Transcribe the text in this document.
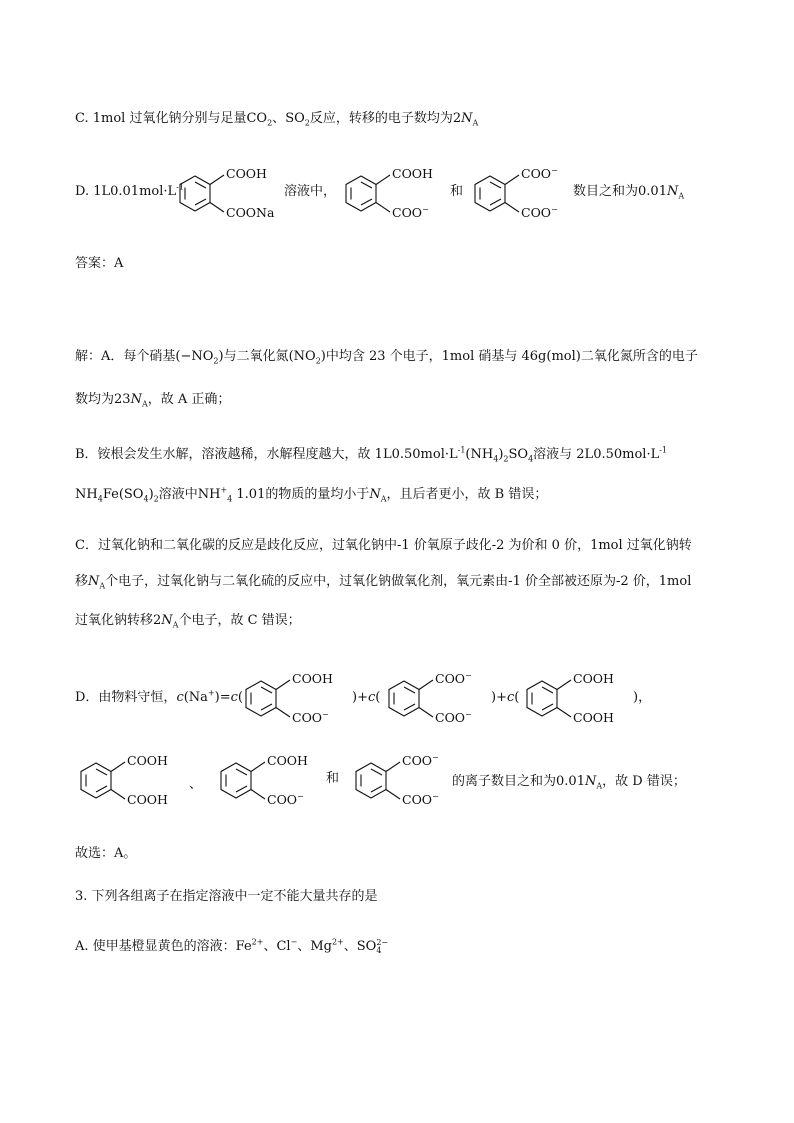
C. 1mol 过氧化钠分别与足量$CO_2$、$SO_2$反应，转移的电子数均为$2N_A$
D. $1L0.01mol\cdot L^{-1}$
COOH
COONa
溶液中，
COOH
COO−
和
COO−
COO−
数目之和为$0.01N_A$
答案：A
解：A．每个硝基$(-NO_2)$与二氧化氮$(NO_2)$中均含 23 个电子，1mol 硝基与 46g(mol)二氧化氮所含的电子
数均为$23N_A$，故 A 正确；
B．铵根会发生水解，溶液越稀，水解程度越大，故 $1L0.50mol\cdot L^{-1}(NH_4)_2SO_4$溶液与 $2L0.50mol\cdot L^{-1}$
$NH_4Fe(SO_4)_2$溶液中$NH^+_4$ 1.01的物质的量均小于$N_A$，且后者更小，故 B 错误；
C．过氧化钠和二氧化碳的反应是歧化反应，过氧化钠中-1 价氧原子歧化-2 为价和 0 价，1mol 过氧化钠转
移$N_A$个电子，过氧化钠与二氧化硫的反应中，过氧化钠做氧化剂，氧元素由-1 价全部被还原为-2 价，1mol
过氧化钠转移$2N_A$个电子，故 C 错误；
D．由物料守恒，c(Na+)=c(
COOH
COO−
)+c(
COO−
COO−
)+c(
COOH
COOH
)，
COOH
COOH
、
COOH
COO−
和
COO−
COO−
的离子数目之和为$0.01N_A$，故 D 错误；
故选：A。
3. 下列各组离子在指定溶液中一定不能大量共存的是
A. 使甲基橙显黄色的溶液：$Fe^{2+}$、Cl−、$Mg^{2+}$、SO 2−
4
